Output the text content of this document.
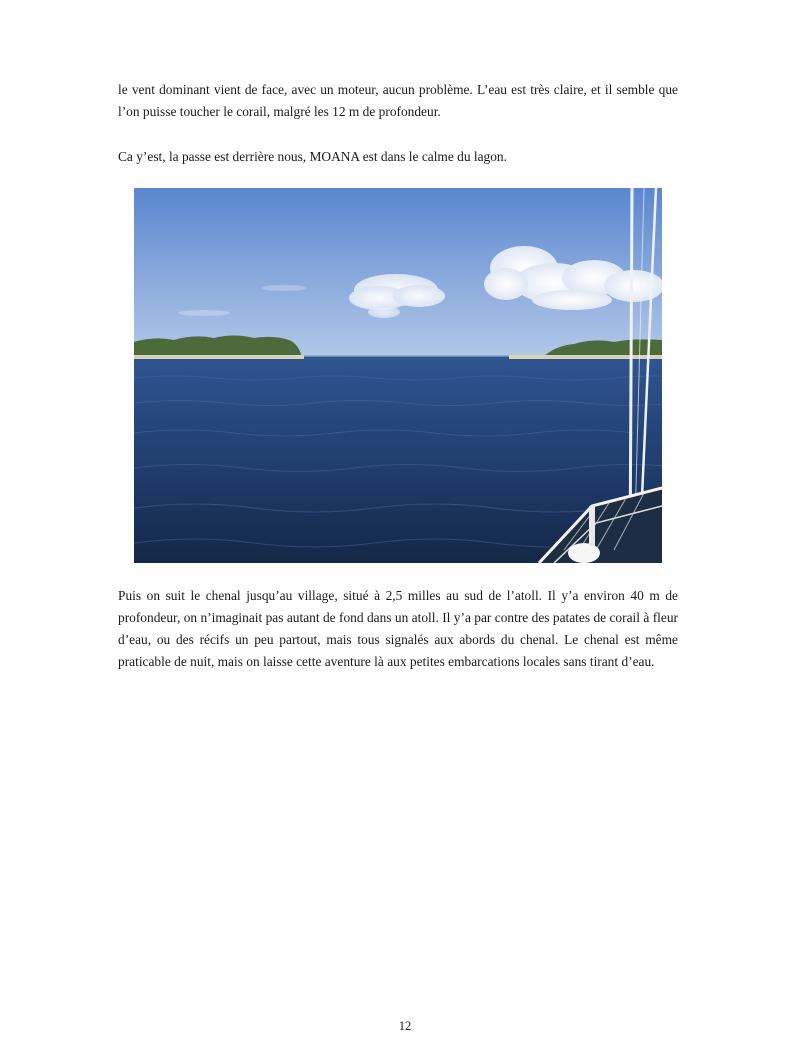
le vent dominant vient de face, avec un moteur, aucun problème. L’eau est très claire, et il semble que l’on puisse toucher le corail, malgré les 12 m de profondeur.

Ca y’est, la passe est derrière nous, MOANA est dans le calme du lagon.

Puis on suit le chenal jusqu’au village, situé à 2,5 milles au sud de l’atoll. Il y’a environ 40 m de profondeur, on n’imaginait pas autant de fond dans un atoll. Il y’a par contre des patates de corail à fleur d’eau, ou des récifs un peu partout, mais tous signalés aux abords du chenal. Le chenal est même praticable de nuit, mais on laisse cette aventure là aux petites embarcations locales sans tirant d’eau.

12
